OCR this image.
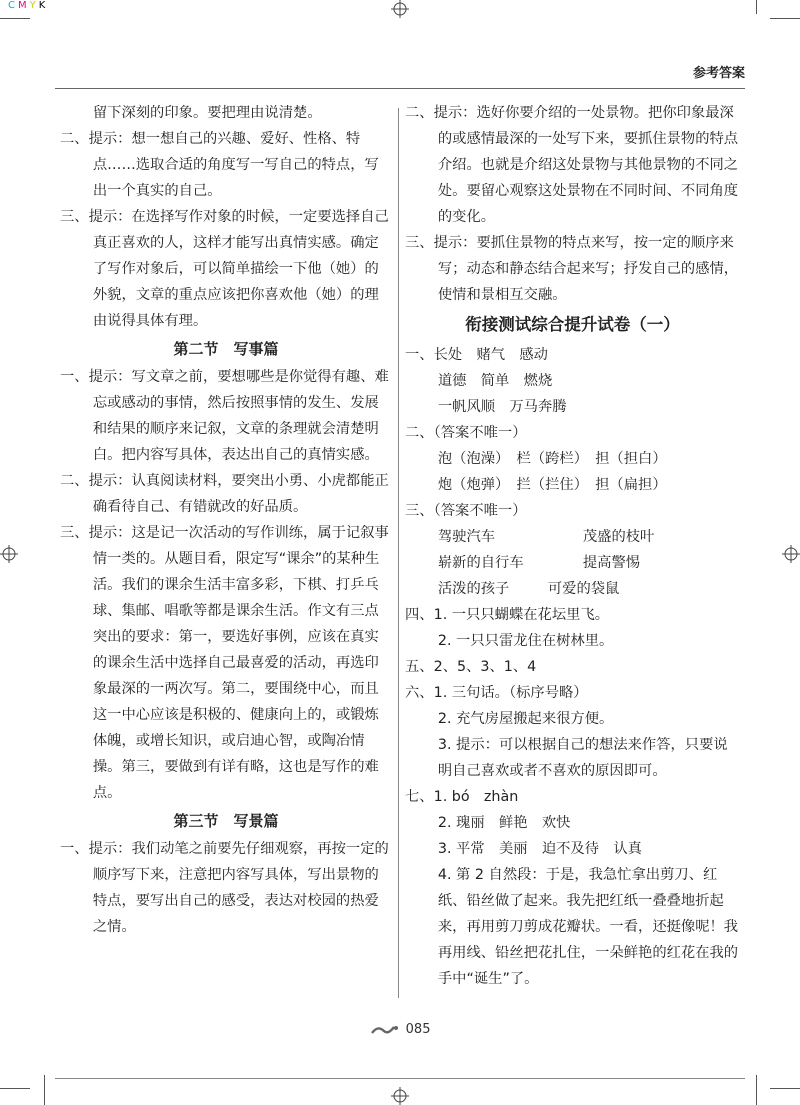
CMYK
参考答案

留下深刻的印象。要把理由说清楚。

二、提示：想一想自己的兴趣、爱好、性格、特点……选取合适的角度写一写自己的特点，写出一个真实的自己。

三、提示：在选择写作对象的时候，一定要选择自己真正喜欢的人，这样才能写出真情实感。确定了写作对象后，可以简单描绘一下他（她）的外貌，文章的重点应该把你喜欢他（她）的理由说得具体有理。

第二节　写事篇

一、提示：写文章之前，要想哪些是你觉得有趣、难忘或感动的事情，然后按照事情的发生、发展和结果的顺序来记叙，文章的条理就会清楚明白。把内容写具体，表达出自己的真情实感。

二、提示：认真阅读材料，要突出小勇、小虎都能正确看待自己、有错就改的好品质。

三、提示：这是记一次活动的写作训练，属于记叙事情一类的。从题目看，限定写“课余”的某种生活。我们的课余生活丰富多彩，下棋、打乒乓球、集邮、唱歌等都是课余生活。作文有三点突出的要求：第一，要选好事例，应该在真实的课余生活中选择自己最喜爱的活动，再选印象最深的一两次写。第二，要围绕中心，而且这一中心应该是积极的、健康向上的，或锻炼体魄，或增长知识，或启迪心智，或陶冶情操。第三，要做到有详有略，这也是写作的难点。

第三节　写景篇

一、提示：我们动笔之前要先仔细观察，再按一定的顺序写下来，注意把内容写具体，写出景物的特点，要写出自己的感受，表达对校园的热爱之情。

二、提示：选好你要介绍的一处景物。把你印象最深的或感情最深的一处写下来，要抓住景物的特点介绍。也就是介绍这处景物与其他景物的不同之处。要留心观察这处景物在不同时间、不同角度的变化。

三、提示：要抓住景物的特点来写，按一定的顺序来写；动态和静态结合起来写；抒发自己的感情，使情和景相互交融。

衔接测试综合提升试卷（一）

一、长处　赌气　感动

道德　简单　燃烧

一帆风顺　万马奔腾

二、（答案不唯一）

泡（泡澡）　栏（跨栏）　担（担白）

炮（炮弹）　拦（拦住）　担（扁担）

三、（答案不唯一）

驾驶汽车	茂盛的枝叶
崭新的自行车	提高警惕
活泼的孩子	可爱的袋鼠

四、1. 一只只蝴蝶在花坛里飞。

2. 一只只雷龙住在树林里。

五、2、5、3、1、4

六、1. 三句话。（标序号略）

2. 充气房屋搬起来很方便。

3. 提示：可以根据自己的想法来作答，只要说明自己喜欢或者不喜欢的原因即可。

七、1. bó　zhàn

2. 瑰丽　鲜艳　欢快

3. 平常　美丽　迫不及待　认真

4. 第 2 自然段：于是，我急忙拿出剪刀、红纸、铅丝做了起来。我先把红纸一叠叠地折起来，再用剪刀剪成花瓣状。一看，还挺像呢！我再用线、铅丝把花扎住，一朵鲜艳的红花在我的手中“诞生”了。

085
